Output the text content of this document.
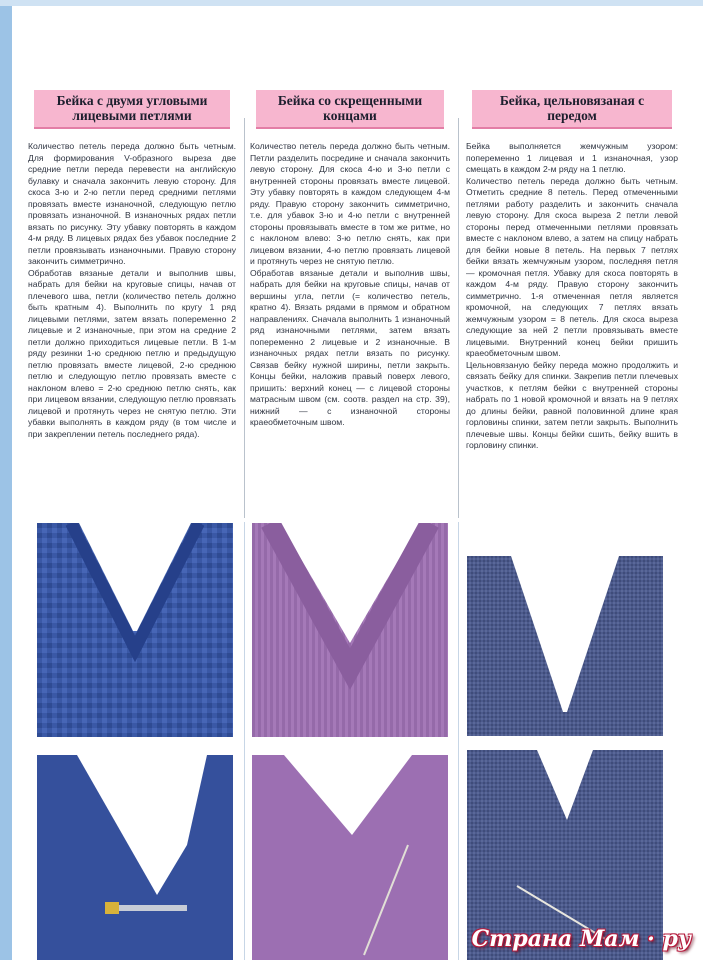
Бейка с двумя угловыми лицевыми петлями

Количество петель переда должно быть четным. Для формирования V-образного выреза две средние петли переда перевести на английскую булавку и сначала закончить левую сторону. Для скоса 3-ю и 2-ю петли перед средними петлями провязать вместе изнаночной, следующую петлю провязать изнаночной. В изнаночных рядах петли вязать по рисунку. Эту убавку повторять в каждом 4-м ряду. В лицевых рядах без убавок последние 2 петли провязывать изнаночными. Правую сторону закончить симметрично.

Обработав вязаные детали и выполнив швы, набрать для бейки на круговые спицы, начав от плечевого шва, петли (количество петель должно быть кратным 4). Выполнить по кругу 1 ряд лицевыми петлями, затем вязать попеременно 2 лицевые и 2 изнаночные, при этом на средние 2 петли должно приходиться лицевые петли. В 1-м ряду резинки 1-ю среднюю петлю и предыдущую петлю провязать вместе лицевой, 2-ю среднюю петлю и следующую петлю провязать вместе с наклоном влево = 2-ю среднюю петлю снять, как при лицевом вязании, следующую петлю провязать лицевой и протянуть через не снятую петлю. Эти убавки выполнять в каждом ряду (в том числе и при закреплении петель последнего ряда).

Бейка со скрещенными концами

Количество петель переда должно быть четным. Петли разделить посредине и сначала закончить левую сторону. Для скоса 4-ю и 3-ю петли с внутренней стороны провязать вместе лицевой. Эту убавку повторять в каждом следующем 4-м ряду. Правую сторону закончить симметрично, т.е. для убавок 3-ю и 4-ю петли с внутренней стороны провязывать вместе в том же ритме, но с наклоном влево: 3-ю петлю снять, как при лицевом вязании, 4-ю петлю провязать лицевой и протянуть через не снятую петлю.

Обработав вязаные детали и выполнив швы, набрать для бейки на круговые спицы, начав от вершины угла, петли (= количество петель, кратно 4). Вязать рядами в прямом и обратном направлениях. Сначала выполнить 1 изнаночный ряд изнаночными петлями, затем вязать попеременно 2 лицевые и 2 изнаночные. В изнаночных рядах петли вязать по рисунку. Связав бейку нужной ширины, петли закрыть. Концы бейки, наложив правый поверх левого, пришить: верхний конец — с лицевой стороны матрасным швом (см. соотв. раздел на стр. 39), нижний — с изнаночной стороны краеобметочным швом.

Бейка, цельновязаная с передом

Бейка выполняется жемчужным узором: попеременно 1 лицевая и 1 изнаночная, узор смещать в каждом 2-м ряду на 1 петлю.

Количество петель переда должно быть четным. Отметить средние 8 петель. Перед отмеченными петлями работу разделить и закончить сначала левую сторону. Для скоса выреза 2 петли левой стороны перед отмеченными петлями провязать вместе с наклоном влево, а затем на спицу набрать для бейки новые 8 петель. На первых 7 петлях бейки вязать жемчужным узором, последняя петля — кромочная петля. Убавку для скоса повторять в каждом 4-м ряду. Правую сторону закончить симметрично. 1-я отмеченная петля является кромочной, на следующих 7 петлях вязать жемчужным узором = 8 петель. Для скоса выреза следующие за ней 2 петли провязывать вместе лицевыми. Внутренний конец бейки пришить краеобметочным швом.

Цельновязаную бейку переда можно продолжить и связать бейку для спинки. Закрепив петли плечевых участков, к петлям бейки с внутренней стороны набрать по 1 новой кромочной и вязать на 9 петлях до длины бейки, равной половинной длине края горловины спинки, затем петли закрыть. Выполнить плечевые швы. Концы бейки сшить, бейку вшить в горловину спинки.

Страна Мам · ру
